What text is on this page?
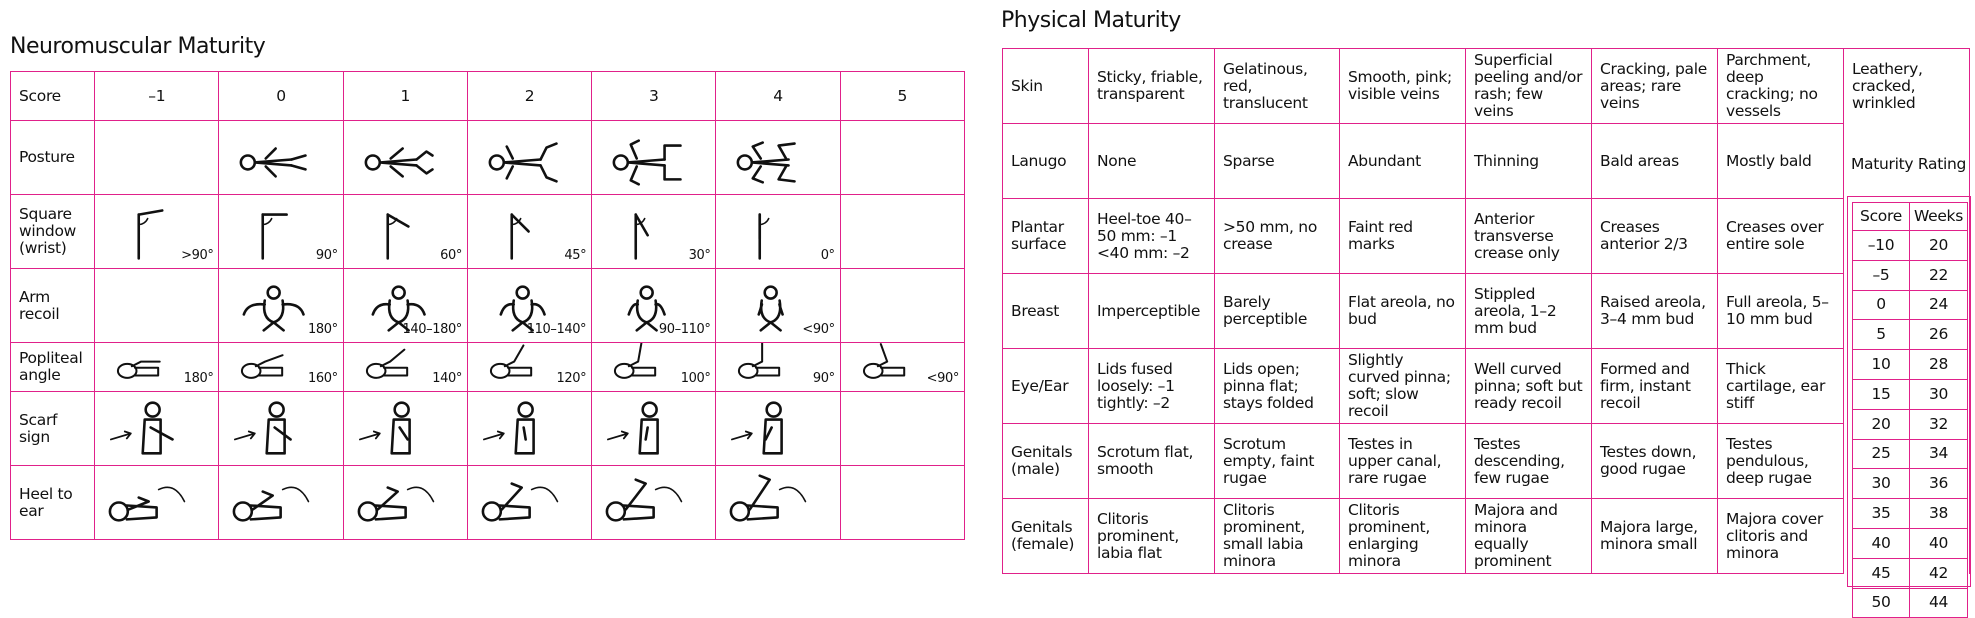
Neuromuscular Maturity
Score	–1	0	1	2	3	4	5
Posture		

Square window (wrist)	>90°	90°	60°	45°	30°	0°	

Arm recoil		180°	140–180°	110–140°	90–110°	<90°	

Popliteal angle	180°	160°	140°	120°	100°	90°	<90°

Scarf sign	

Heel to ear	

Physical Maturity
Skin	Sticky, friable, transparent	Gelatinous, red, translucent	Smooth, pink; visible veins	Superficial peeling and/or rash; few veins	Cracking, pale areas; rare veins	Parchment, deep cracking; no vessels	Leathery, cracked, wrinkled
Lanugo	None	Sparse	Abundant	Thinning	Bald areas	Mostly bald	
Plantar surface	Heel-toe 40–50 mm: –1 <40 mm: –2	>50 mm, no crease	Faint red marks	Anterior transverse crease only	Creases anterior 2/3	Creases over entire sole	
Breast	Imperceptible	Barely perceptible	Flat areola, no bud	Stippled areola, 1–2 mm bud	Raised areola, 3–4 mm bud	Full areola, 5–10 mm bud	
Eye/Ear	Lids fused loosely: –1 tightly: –2	Lids open; pinna flat; stays folded	Slightly curved pinna; soft; slow recoil	Well curved pinna; soft but ready recoil	Formed and firm, instant recoil	Thick cartilage, ear stiff	
Genitals (male)	Scrotum flat, smooth	Scrotum empty, faint rugae	Testes in upper canal, rare rugae	Testes descending, few rugae	Testes down, good rugae	Testes pendulous, deep rugae	
Genitals (female)	Clitoris prominent, labia flat	Clitoris prominent, small labia minora	Clitoris prominent, enlarging minora	Majora and minora equally prominent	Majora large, minora small	Majora cover clitoris and minora	
Maturity Rating
Score	Weeks
–10	20
–5	22
0	24
5	26
10	28
15	30
20	32
25	34
30	36
35	38
40	40
45	42
50	44
